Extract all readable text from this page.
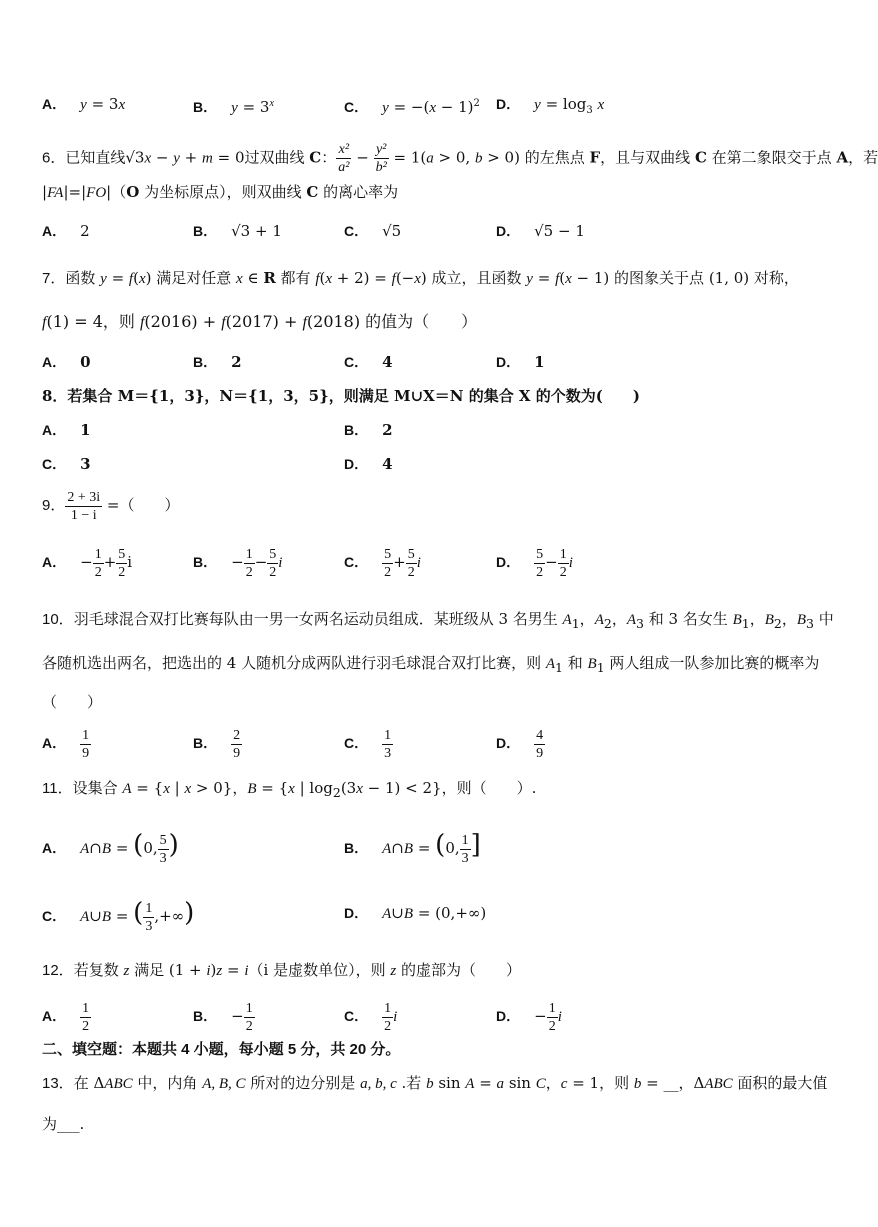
A． y = 3x	B． $y = 3^x$	C． $y = -(x - 1)^2$ D． $y = \log_3 x$
6．已知直线√3x − y + m = 0过双曲线 C： $\frac{\text{x²}}{\text{a²}} - \frac{\text{y²}}{\text{b²}} = 1(a > 0$, b > 0) 的左焦点 F，且与双曲线 C 在第二象限交于点 A，若
|FA|=|FO|（O 为坐标原点），则双曲线 C 的离心率为
A． 2	B． √3 + 1	C． √5	D． √5 − 1
7．函数 y = f(x) 满足对任意 x ∈ R 都有 f(x + 2) = f(−x) 成立，且函数 y = f(x − 1) 的图象关于点 (1, 0) 对称，
f(1) = 4，则 f(2016) + f(2017) + f(2018) 的值为（　　）
A． 0	B． 2	C． 4	D． 1
8．若集合 M＝{1，3}，N＝{1，3，5}，则满足 M∪X＝N 的集合 X 的个数为(　　)
A． 1	B． 2
C． 3	D． 4
9． $\frac{2 + 3i}{1 - i}$ =（　　）
A． − $\frac{1}{2} + \frac{5}{2}$ i	B． − $\frac{1}{2} - \frac{5}{2}$ i	C． $\frac{5}{2} + \frac{5}{2}$ i	D． $\frac{5}{2} - \frac{1}{2}$ i
10．羽毛球混合双打比赛每队由一男一女两名运动员组成．某班级从 3 名男生 $A_1$，$A_2$，$A_3$ 和 3 名女生 $B_1$，$B_2$，$B_3$ 中
各随机选出两名，把选出的 4 人随机分成两队进行羽毛球混合双打比赛，则 $A_1$ 和 $B_1$ 两人组成一队参加比赛的概率为
（　　）
A． $\frac{1}{9}$	B． $\frac{2}{9}$	C． $\frac{1}{3}$	D． $\frac{4}{9}$
11．设集合 A = {x | x > 0}，B = {x | $\log_2(3x - 1) < 2$}，则（　　）.
A． A∩B = (0, $\frac{5}{3}$ )	B． A∩B = (0, $\frac{1}{3}$ ]
C． A∪B = ( $\frac{1}{3}$ ,+∞)	D． A∪B = (0,+∞)
12．若复数 z 满足 (1 + i)z = i（i 是虚数单位），则 z 的虚部为（　　）
A． $\frac{1}{2}$	B． − $\frac{1}{2}$	C． $\frac{1}{2}$ i	D． − $\frac{1}{2}$ i
二、填空题：本题共 4 小题，每小题 5 分，共 20 分。
13．在 ΔABC 中，内角 A, B, C 所对的边分别是 a, b, c .若 b sin A = a sin C，c = 1，则 b = __，ΔABC 面积的最大值
为___.
